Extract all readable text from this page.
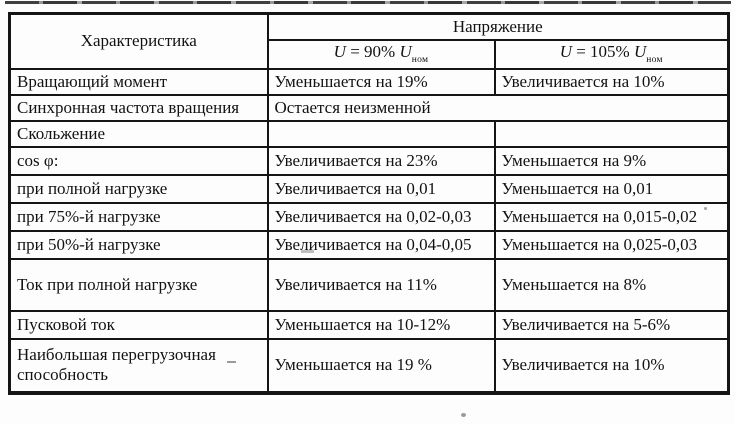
Характеристика	Напряжение	
	U = 90% $U_{ном}$	U = 105% $U_{ном}$
Вращающий момент	Уменьшается на 19%	Увеличивается на 10%
Синхронная частота вращения	Остается неизменной	
Скольжение		
cos φ:	Увеличивается на 23%	Уменьшается на 9%
при полной нагрузке	Увеличивается на 0,01	Уменьшается на 0,01
при 75%-й нагрузке	Увеличивается на 0,02-0,03	Уменьшается на 0,015-0,02
при 50%-й нагрузке	Увеличивается на 0,04-0,05	Уменьшается на 0,025-0,03
Ток при полной нагрузке	Увеличивается на 11%	Уменьшается на 8%
Пусковой ток	Уменьшается на 10-12%	Увеличивается на 5-6%
Наибольшая перегрузочная способность	Уменьшается на 19 %	Увеличивается на 10%
